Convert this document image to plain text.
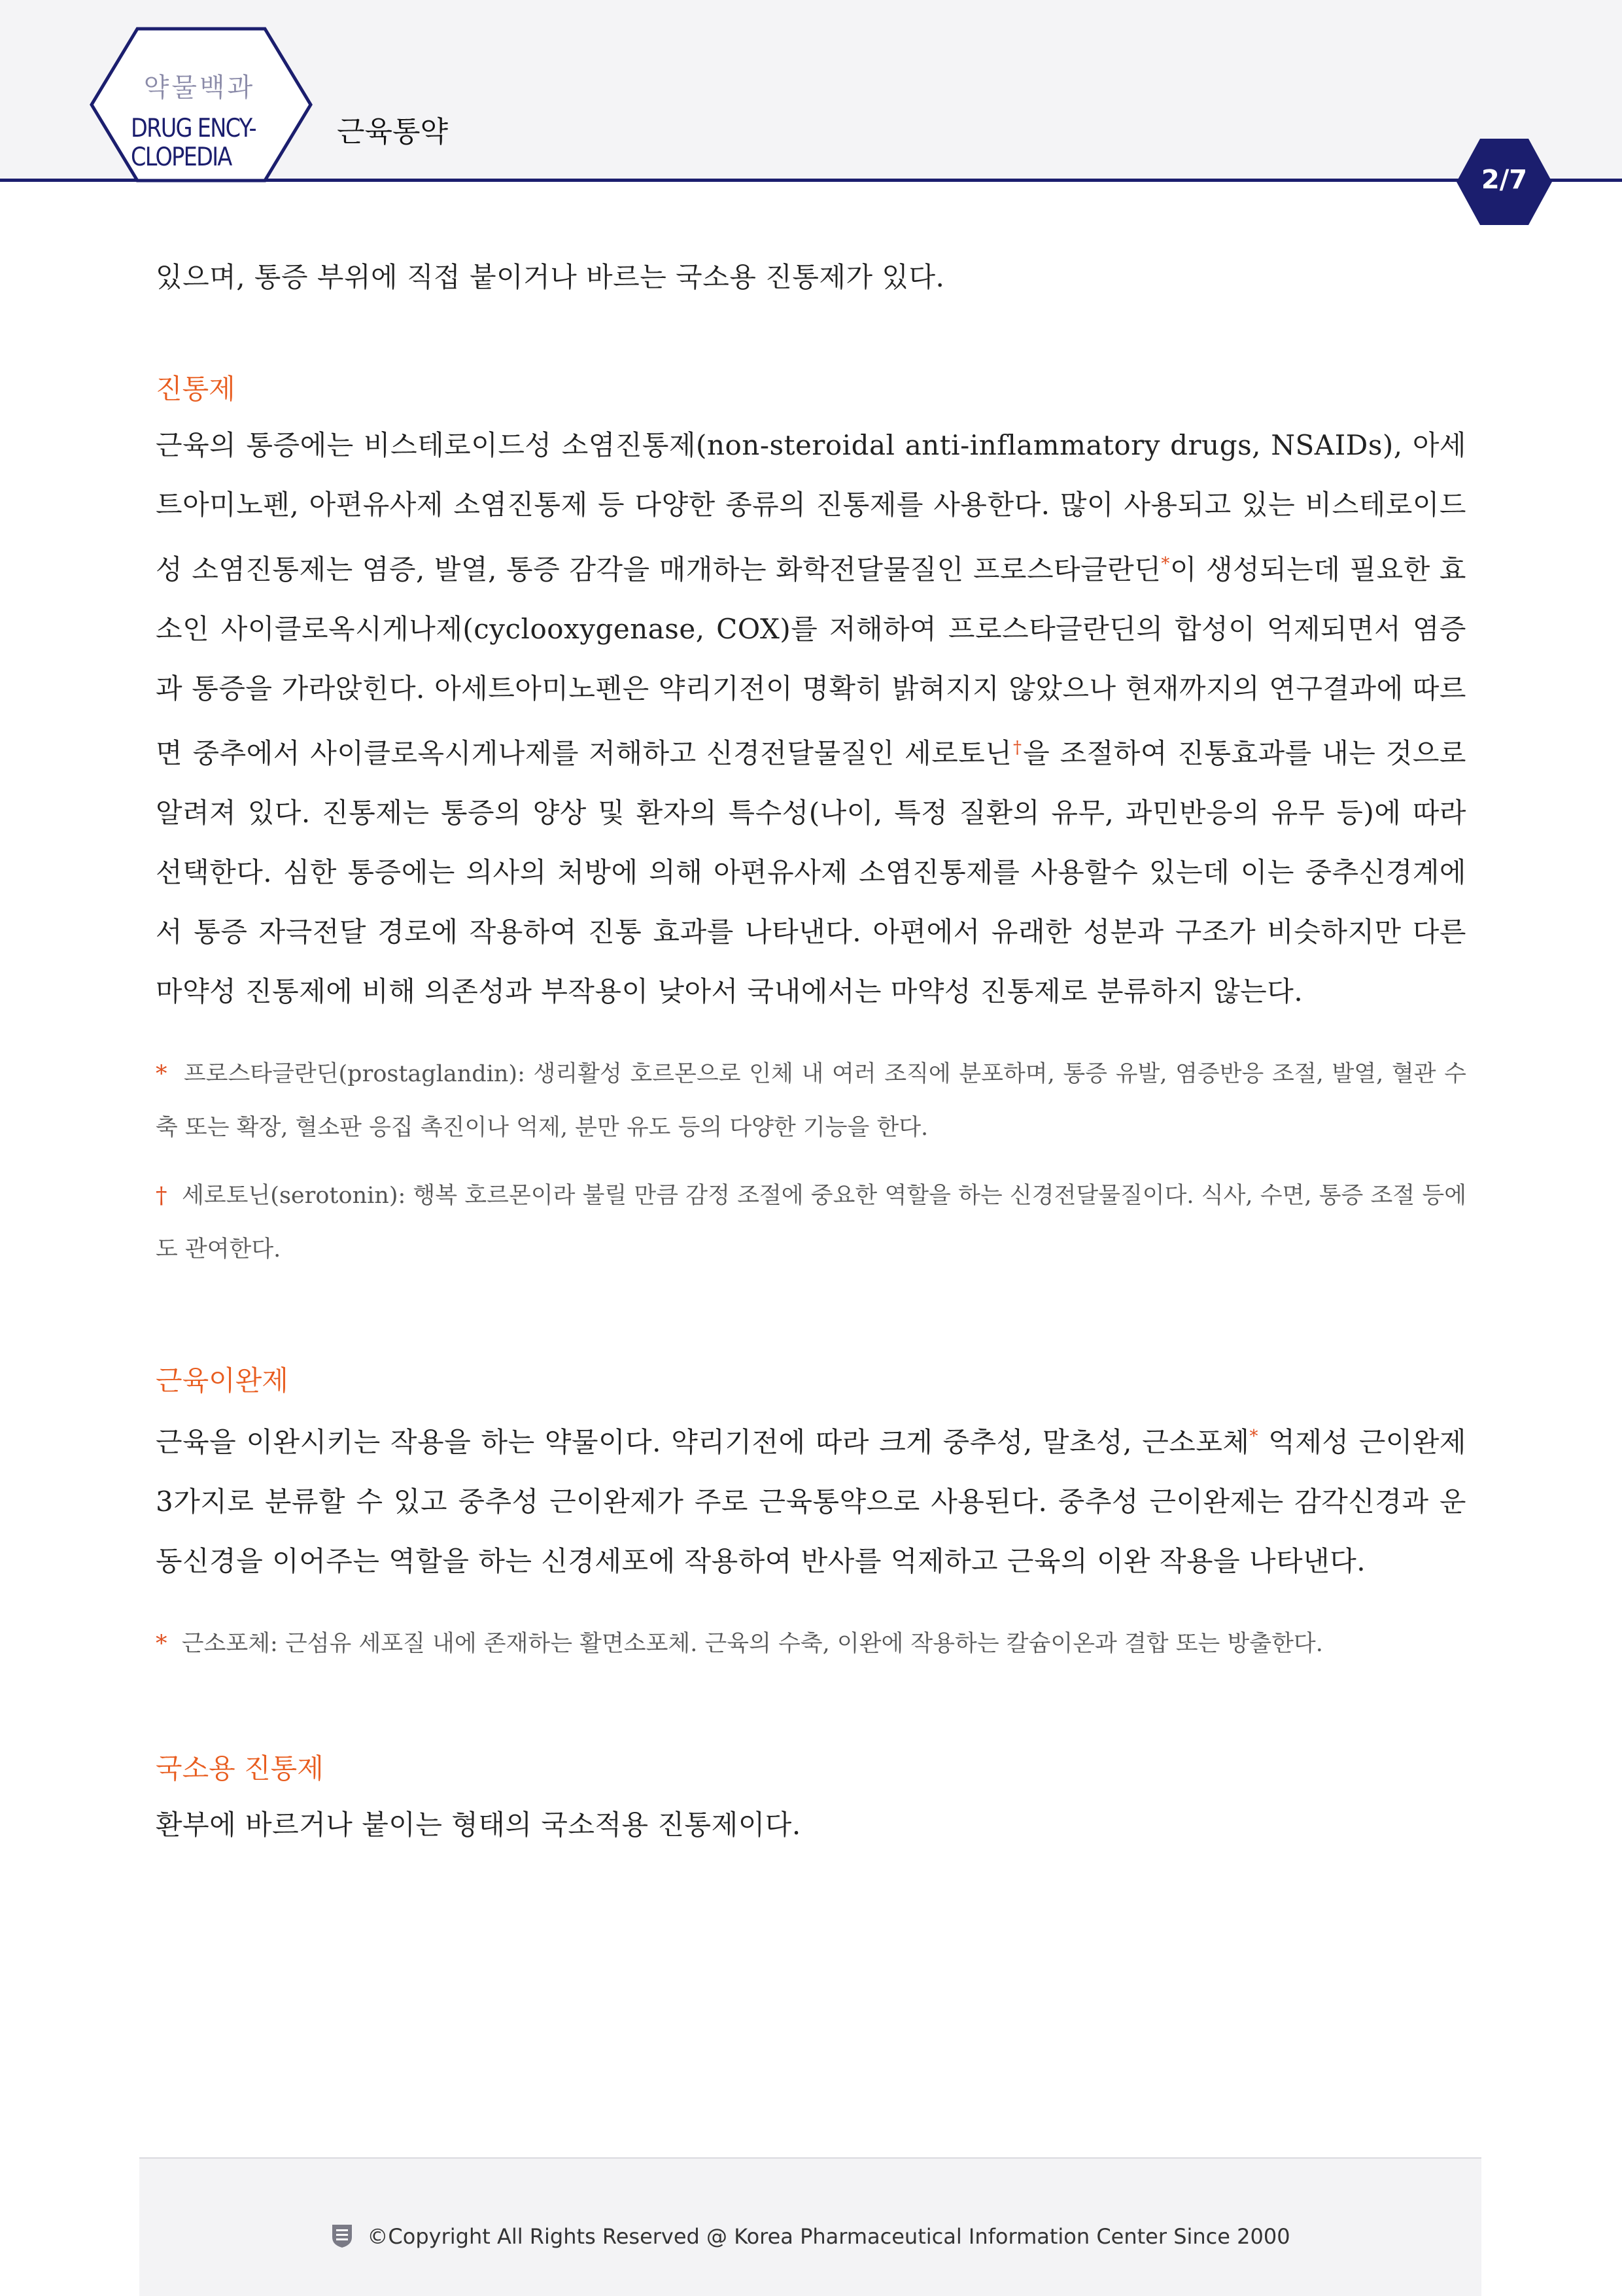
약물백과
DRUG ENCY-
CLOPEDIA
근육통약
2/7

있으며, 통증 부위에 직접 붙이거나 바르는 국소용 진통제가 있다.

진통제

근육의 통증에는 비스테로이드성 소염진통제(non-steroidal anti-inflammatory drugs, NSAIDs), 아세트아미노펜, 아편유사제 소염진통제 등 다양한 종류의 진통제를 사용한다. 많이 사용되고 있는 비스테로이드성 소염진통제는 염증, 발열, 통증 감각을 매개하는 화학전달물질인 프로스타글란딘*이 생성되는데 필요한 효소인 사이클로옥시게나제(cyclooxygenase, COX)를 저해하여 프로스타글란딘의 합성이 억제되면서 염증과 통증을 가라앉힌다. 아세트아미노펜은 약리기전이 명확히 밝혀지지 않았으나 현재까지의 연구결과에 따르면 중추에서 사이클로옥시게나제를 저해하고 신경전달물질인 세로토닌†을 조절하여 진통효과를 내는 것으로 알려져 있다. 진통제는 통증의 양상 및 환자의 특수성(나이, 특정 질환의 유무, 과민반응의 유무 등)에 따라 선택한다. 심한 통증에는 의사의 처방에 의해 아편유사제 소염진통제를 사용할수 있는데 이는 중추신경계에서 통증 자극전달 경로에 작용하여 진통 효과를 나타낸다. 아편에서 유래한 성분과 구조가 비슷하지만 다른 마약성 진통제에 비해 의존성과 부작용이 낮아서 국내에서는 마약성 진통제로 분류하지 않는다.

* 프로스타글란딘(prostaglandin): 생리활성 호르몬으로 인체 내 여러 조직에 분포하며, 통증 유발, 염증반응 조절, 발열, 혈관 수축 또는 확장, 혈소판 응집 촉진이나 억제, 분만 유도 등의 다양한 기능을 한다.

† 세로토닌(serotonin): 행복 호르몬이라 불릴 만큼 감정 조절에 중요한 역할을 하는 신경전달물질이다. 식사, 수면, 통증 조절 등에도 관여한다.

근육이완제

근육을 이완시키는 작용을 하는 약물이다. 약리기전에 따라 크게 중추성, 말초성, 근소포체* 억제성 근이완제 3가지로 분류할 수 있고 중추성 근이완제가 주로 근육통약으로 사용된다. 중추성 근이완제는 감각신경과 운동신경을 이어주는 역할을 하는 신경세포에 작용하여 반사를 억제하고 근육의 이완 작용을 나타낸다.

* 근소포체: 근섬유 세포질 내에 존재하는 활면소포체. 근육의 수축, 이완에 작용하는 칼슘이온과 결합 또는 방출한다.

국소용 진통제

환부에 바르거나 붙이는 형태의 국소적용 진통제이다.

©Copyright All Rights Reserved @ Korea Pharmaceutical Information Center Since 2000
